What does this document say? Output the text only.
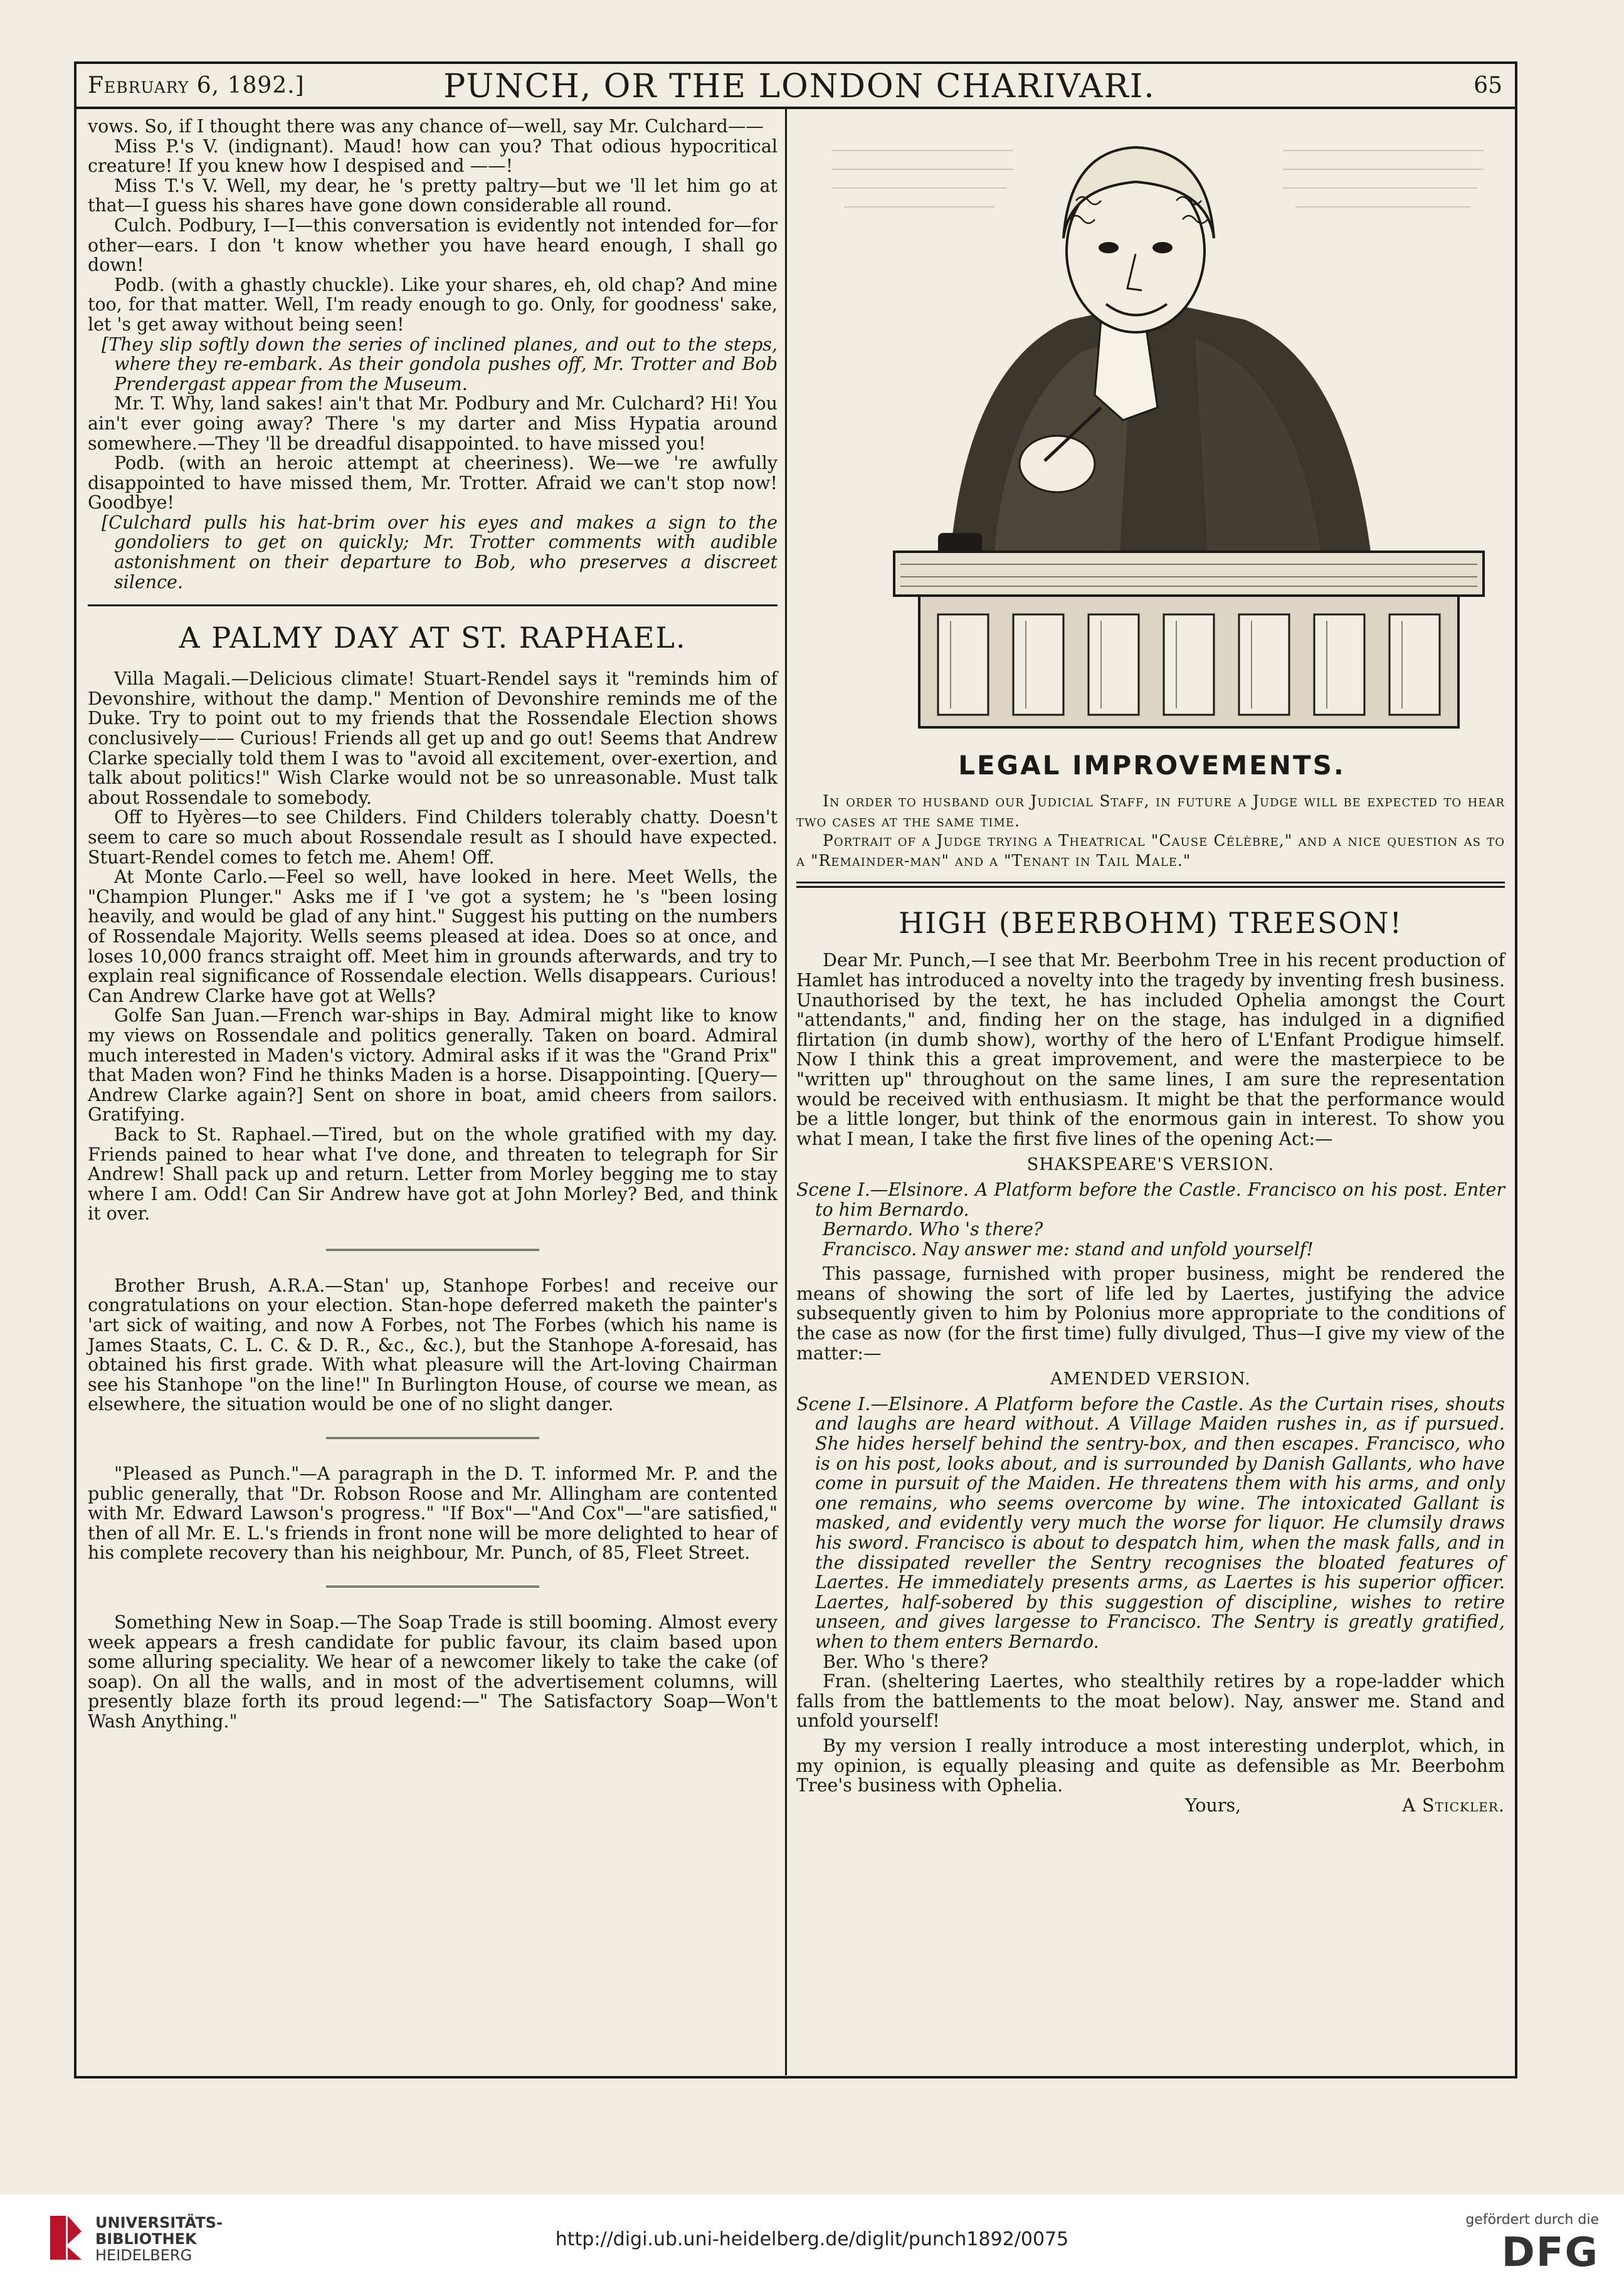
February 6, 1892.]	PUNCH, OR THE LONDON CHARIVARI.	65

vows. So, if I thought there was any chance of—well, say Mr. Culchard——

Miss P.'s V. (indignant). Maud! how can you? That odious hypocritical creature! If you knew how I despised and ——!

Miss T.'s V. Well, my dear, he 's pretty paltry—but we 'll let him go at that—I guess his shares have gone down considerable all round.

Culch. Podbury, I—I—this conversation is evidently not intended for—for other—ears. I don 't know whether you have heard enough, I shall go down!

Podb. (with a ghastly chuckle). Like your shares, eh, old chap? And mine too, for that matter. Well, I'm ready enough to go. Only, for goodness' sake, let 's get away without being seen!

[They slip softly down the series of inclined planes, and out to the steps, where they re-embark. As their gondola pushes off, Mr. Trotter and Bob Prendergast appear from the Museum.

Mr. T. Why, land sakes! ain't that Mr. Podbury and Mr. Culchard? Hi! You ain't ever going away? There 's my darter and Miss Hypatia around somewhere.—They 'll be dreadful disappointed. to have missed you!

Podb. (with an heroic attempt at cheeriness). We—we 're awfully disappointed to have missed them, Mr. Trotter. Afraid we can't stop now! Goodbye!

[Culchard pulls his hat-brim over his eyes and makes a sign to the gondoliers to get on quickly; Mr. Trotter comments with audible astonishment on their departure to Bob, who preserves a discreet silence.

A PALMY DAY AT ST. RAPHAEL.

Villa Magali.—Delicious climate! Stuart-Rendel says it "reminds him of Devonshire, without the damp." Mention of Devonshire reminds me of the Duke. Try to point out to my friends that the Rossendale Election shows conclusively—— Curious! Friends all get up and go out! Seems that Andrew Clarke specially told them I was to "avoid all excitement, over-exertion, and talk about politics!" Wish Clarke would not be so unreasonable. Must talk about Rossendale to somebody.

Off to Hyères—to see Childers. Find Childers tolerably chatty. Doesn't seem to care so much about Rossendale result as I should have expected. Stuart-Rendel comes to fetch me. Ahem! Off.

At Monte Carlo.—Feel so well, have looked in here. Meet Wells, the "Champion Plunger." Asks me if I 've got a system; he 's "been losing heavily, and would be glad of any hint." Suggest his putting on the numbers of Rossendale Majority. Wells seems pleased at idea. Does so at once, and loses 10,000 francs straight off. Meet him in grounds afterwards, and try to explain real significance of Rossendale election. Wells disappears. Curious! Can Andrew Clarke have got at Wells?

Golfe San Juan.—French war-ships in Bay. Admiral might like to know my views on Rossendale and politics generally. Taken on board. Admiral much interested in Maden's victory. Admiral asks if it was the "Grand Prix" that Maden won? Find he thinks Maden is a horse. Disappointing. [Query—Andrew Clarke again?] Sent on shore in boat, amid cheers from sailors. Gratifying.

Back to St. Raphael.—Tired, but on the whole gratified with my day. Friends pained to hear what I've done, and threaten to telegraph for Sir Andrew! Shall pack up and return. Letter from Morley begging me to stay where I am. Odd! Can Sir Andrew have got at John Morley? Bed, and think it over.

Brother Brush, A.R.A.—Stan' up, Stanhope Forbes! and receive our congratulations on your election. Stan-hope deferred maketh the painter's 'art sick of waiting, and now A Forbes, not The Forbes (which his name is James Staats, C. L. C. & D. R., &c., &c.), but the Stanhope A-foresaid, has obtained his first grade. With what pleasure will the Art-loving Chairman see his Stanhope "on the line!" In Burlington House, of course we mean, as elsewhere, the situation would be one of no slight danger.

"Pleased as Punch."—A paragraph in the D. T. informed Mr. P. and the public generally, that "Dr. Robson Roose and Mr. Allingham are contented with Mr. Edward Lawson's progress." "If Box"—"And Cox"—"are satisfied," then of all Mr. E. L.'s friends in front none will be more delighted to hear of his complete recovery than his neighbour, Mr. Punch, of 85, Fleet Street.

Something New in Soap.—The Soap Trade is still booming. Almost every week appears a fresh candidate for public favour, its claim based upon some alluring speciality. We hear of a newcomer likely to take the cake (of soap). On all the walls, and in most of the advertisement columns, will presently blaze forth its proud legend:—" The Satisfactory Soap—Won't Wash Anything."

LEGAL IMPROVEMENTS.

In order to husband our Judicial Staff, in future a Judge will be expected to hear two cases at the same time.

Portrait of a Judge trying a Theatrical "Cause Célèbre," and a nice question as to a "Remainder-man" and a "Tenant in Tail Male."

HIGH (BEERBOHM) TREESON!

Dear Mr. Punch,—I see that Mr. Beerbohm Tree in his recent production of Hamlet has introduced a novelty into the tragedy by inventing fresh business. Unauthorised by the text, he has included Ophelia amongst the Court "attendants," and, finding her on the stage, has indulged in a dignified flirtation (in dumb show), worthy of the hero of L'Enfant Prodigue himself. Now I think this a great improvement, and were the masterpiece to be "written up" throughout on the same lines, I am sure the representation would be received with enthusiasm. It might be that the performance would be a little longer, but think of the enormous gain in interest. To show you what I mean, I take the first five lines of the opening Act:—

SHAKSPEARE'S VERSION.

Scene I.—Elsinore. A Platform before the Castle. Francisco on his post. Enter to him Bernardo.

Bernardo. Who 's there?

Francisco. Nay answer me: stand and unfold yourself!

This passage, furnished with proper business, might be rendered the means of showing the sort of life led by Laertes, justifying the advice subsequently given to him by Polonius more appropriate to the conditions of the case as now (for the first time) fully divulged, Thus—I give my view of the matter:—

AMENDED VERSION.

Scene I.—Elsinore. A Platform before the Castle. As the Curtain rises, shouts and laughs are heard without. A Village Maiden rushes in, as if pursued. She hides herself behind the sentry-box, and then escapes. Francisco, who is on his post, looks about, and is surrounded by Danish Gallants, who have come in pursuit of the Maiden. He threatens them with his arms, and only one remains, who seems overcome by wine. The intoxicated Gallant is masked, and evidently very much the worse for liquor. He clumsily draws his sword. Francisco is about to despatch him, when the mask falls, and in the dissipated reveller the Sentry recognises the bloated features of Laertes. He immediately presents arms, as Laertes is his superior officer. Laertes, half-sobered by this suggestion of discipline, wishes to retire unseen, and gives largesse to Francisco. The Sentry is greatly gratified, when to them enters Bernardo.

Ber. Who 's there?

Fran. (sheltering Laertes, who stealthily retires by a rope-ladder which falls from the battlements to the moat below). Nay, answer me. Stand and unfold yourself!

By my version I really introduce a most interesting underplot, which, in my opinion, is equally pleasing and quite as defensible as Mr. Beerbohm Tree's business with Ophelia.

Yours,	A Stickler.
UNIVERSITÄTS-
BIBLIOTHEK
HEIDELBERG
http://digi.ub.uni-heidelberg.de/diglit/punch1892/0075
gefördert durch die
DFG
